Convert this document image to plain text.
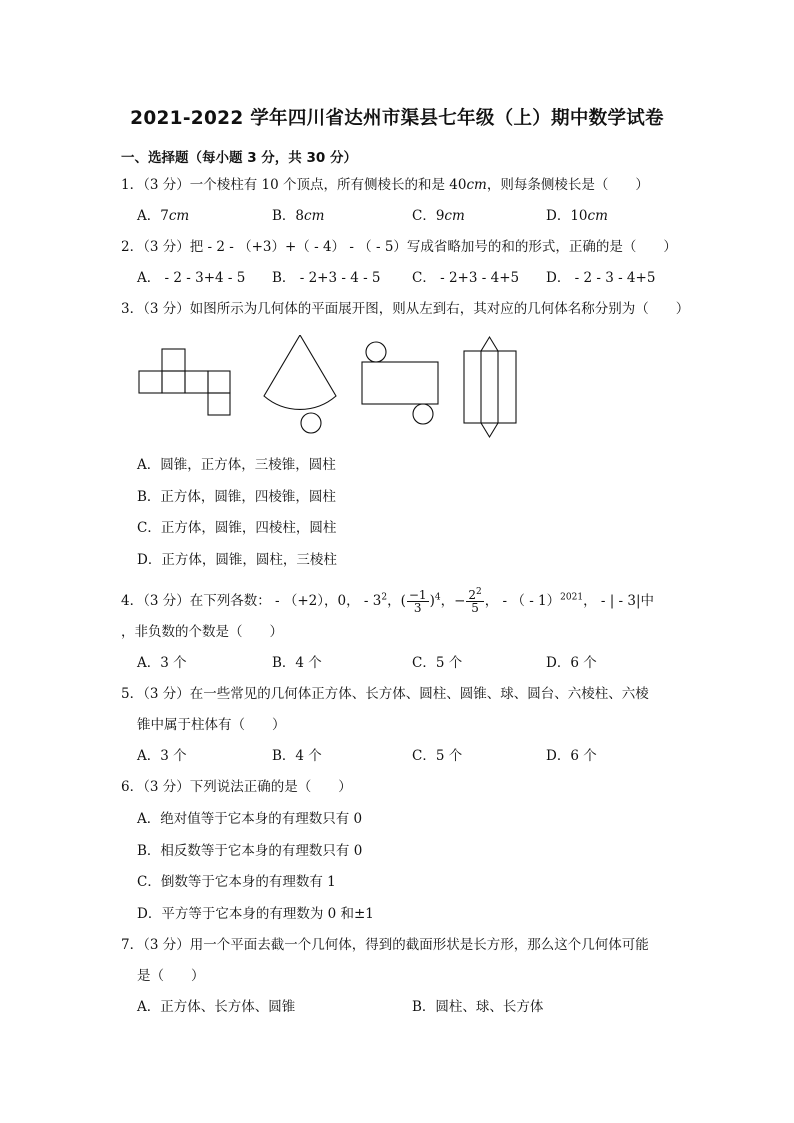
2021-2022 学年四川省达州市渠县七年级（上）期中数学试卷
一、选择题（每小题 3 分，共 30 分）
1．（3 分）一个棱柱有 10 个顶点，所有侧棱长的和是 40cm，则每条侧棱长是（　　）
A．7cm	B．8cm	C．9cm	D．10cm
2．（3 分）把 - 2 - （+3）+（ - 4） - （ - 5）写成省略加号的和的形式，正确的是（　　）
A． - 2 - 3+4 - 5 B． - 2+3 - 4 - 5 C． - 2+3 - 4+5 D． - 2 - 3 - 4+5
3．（3 分）如图所示为几何体的平面展开图，则从左到右，其对应的几何体名称分别为（　　）
A．圆锥，正方体，三棱锥，圆柱
B．正方体，圆锥，四棱锥，圆柱
C．正方体，圆锥，四棱柱，圆柱
D．正方体，圆锥，圆柱，三棱柱
4．（3 分）在下列各数： - （+2），0， - $3^2$，( $\frac{-1}{3} )^4$，− $\frac{2^2}{5}$ ， - （ - 1）$^{2021}$， - | - 3|中
，非负数的个数是（　　）
A．3 个	B．4 个	C．5 个	D．6 个
5．（3 分）在一些常见的几何体正方体、长方体、圆柱、圆锥、球、圆台、六棱柱、六棱
锥中属于柱体有（　　）
A．3 个	B．4 个	C．5 个	D．6 个
6．（3 分）下列说法正确的是（　　）
A．绝对值等于它本身的有理数只有 0
B．相反数等于它本身的有理数只有 0
C．倒数等于它本身的有理数有 1
D．平方等于它本身的有理数为 0 和±1
7．（3 分）用一个平面去截一个几何体，得到的截面形状是长方形，那么这个几何体可能
是（　　）
A．正方体、长方体、圆锥	B．圆柱、球、长方体
